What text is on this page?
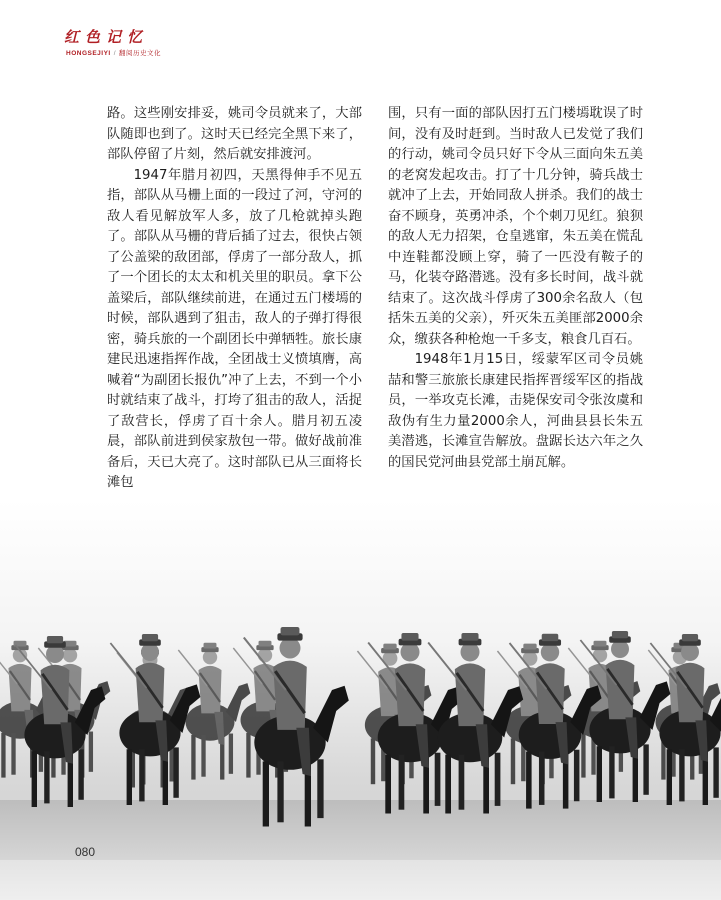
红色记忆
HONGSEJIYI / 翻阅历史文化

路。这些刚安排妥，姚司令员就来了，大部队随即也到了。这时天已经完全黑下来了，部队停留了片刻，然后就安排渡河。

1947年腊月初四，天黑得伸手不见五指，部队从马栅上面的一段过了河，守河的敌人看见解放军人多，放了几枪就掉头跑了。部队从马栅的背后插了过去，很快占领了公盖梁的敌团部，俘虏了一部分敌人，抓了一个团长的太太和机关里的职员。拿下公盖梁后，部队继续前进，在通过五门楼墕的时候，部队遇到了狙击，敌人的子弹打得很密，骑兵旅的一个副团长中弹牺牲。旅长康建民迅速指挥作战，全团战士义愤填膺，高喊着“为副团长报仇”冲了上去，不到一个小时就结束了战斗，打垮了狙击的敌人，活捉了敌营长，俘虏了百十余人。腊月初五凌晨，部队前进到侯家敖包一带。做好战前准备后，天已大亮了。这时部队已从三面将长滩包

围，只有一面的部队因打五门楼墕耽误了时间，没有及时赶到。当时敌人已发觉了我们的行动，姚司令员只好下令从三面向朱五美的老窝发起攻击。打了十几分钟，骑兵战士就冲了上去，开始同敌人拼杀。我们的战士奋不顾身，英勇冲杀，个个刺刀见红。狼狈的敌人无力招架，仓皇逃窜，朱五美在慌乱中连鞋都没顾上穿，骑了一匹没有鞍子的马，化装夺路潜逃。没有多长时间，战斗就结束了。这次战斗俘虏了300余名敌人（包括朱五美的父亲），歼灭朱五美匪部2000余众，缴获各种枪炮一千多支，粮食几百石。

1948年1月15日，绥蒙军区司令员姚喆和警三旅旅长康建民指挥晋绥军区的指战员，一举攻克长滩，击毙保安司令张汝虞和敌伪有生力量2000余人，河曲县县长朱五美潜逃，长滩宣告解放。盘踞长达六年之久的国民党河曲县党部土崩瓦解。

080
